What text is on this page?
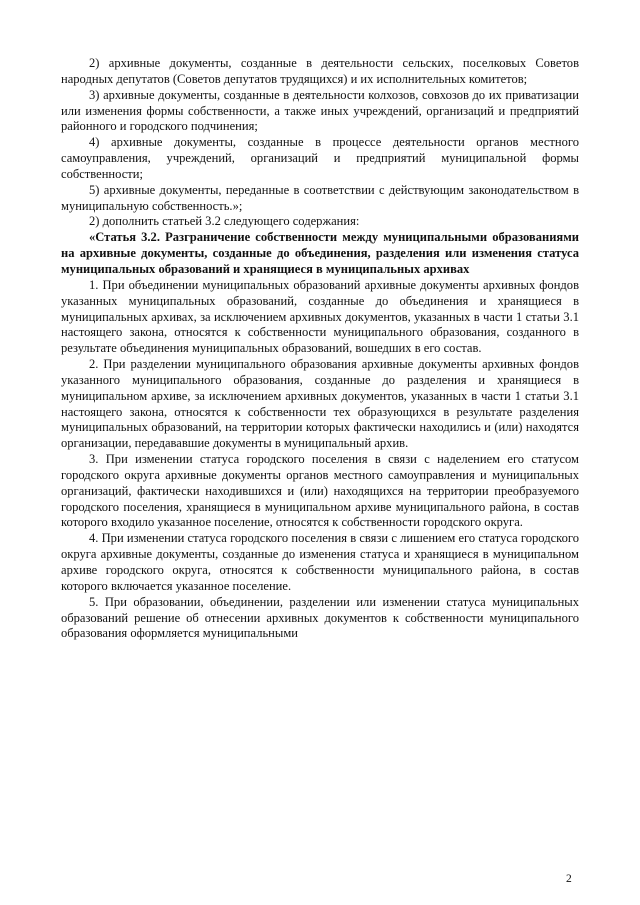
2) архивные документы, созданные в деятельности сельских, поселковых Советов народных депутатов (Советов депутатов трудящихся) и их исполнительных комитетов;

3) архивные документы, созданные в деятельности колхозов, совхозов до их приватизации или изменения формы собственности, а также иных учреждений, организаций и предприятий районного и городского подчинения;

4) архивные документы, созданные в процессе деятельности органов местного самоуправления, учреждений, организаций и предприятий муниципальной формы собственности;

5) архивные документы, переданные в соответствии с действующим законодательством в муниципальную собственность.»;

2) дополнить статьей 3.2 следующего содержания:

«Статья 3.2. Разграничение собственности между муниципальными образованиями на архивные документы, созданные до объединения, разделения или изменения статуса муниципальных образований и хранящиеся в муниципальных архивах

1. При объединении муниципальных образований архивные документы архивных фондов указанных муниципальных образований, созданные до объединения и хранящиеся в муниципальных архивах, за исключением архивных документов, указанных в части 1 статьи 3.1 настоящего закона, относятся к собственности муниципального образования, созданного в результате объединения муниципальных образований, вошедших в его состав.

2. При разделении муниципального образования архивные документы архивных фондов указанного муниципального образования, созданные до разделения и хранящиеся в муниципальном архиве, за исключением архивных документов, указанных в части 1 статьи 3.1 настоящего закона, относятся к собственности тех образующихся в результате разделения муниципальных образований, на территории которых фактически находились и (или) находятся организации, передававшие документы в муниципальный архив.

3. При изменении статуса городского поселения в связи с наделением его статусом городского округа архивные документы органов местного самоуправления и муниципальных организаций, фактически находившихся и (или) находящихся на территории преобразуемого городского поселения, хранящиеся в муниципальном архиве муниципального района, в состав которого входило указанное поселение, относятся к собственности городского округа.

4. При изменении статуса городского поселения в связи с лишением его статуса городского округа архивные документы, созданные до изменения статуса и хранящиеся в муниципальном архиве городского округа, относятся к собственности муниципального района, в состав которого включается указанное поселение.

5. При образовании, объединении, разделении или изменении статуса муниципальных образований решение об отнесении архивных документов к собственности муниципального образования оформляется муниципальными

2
